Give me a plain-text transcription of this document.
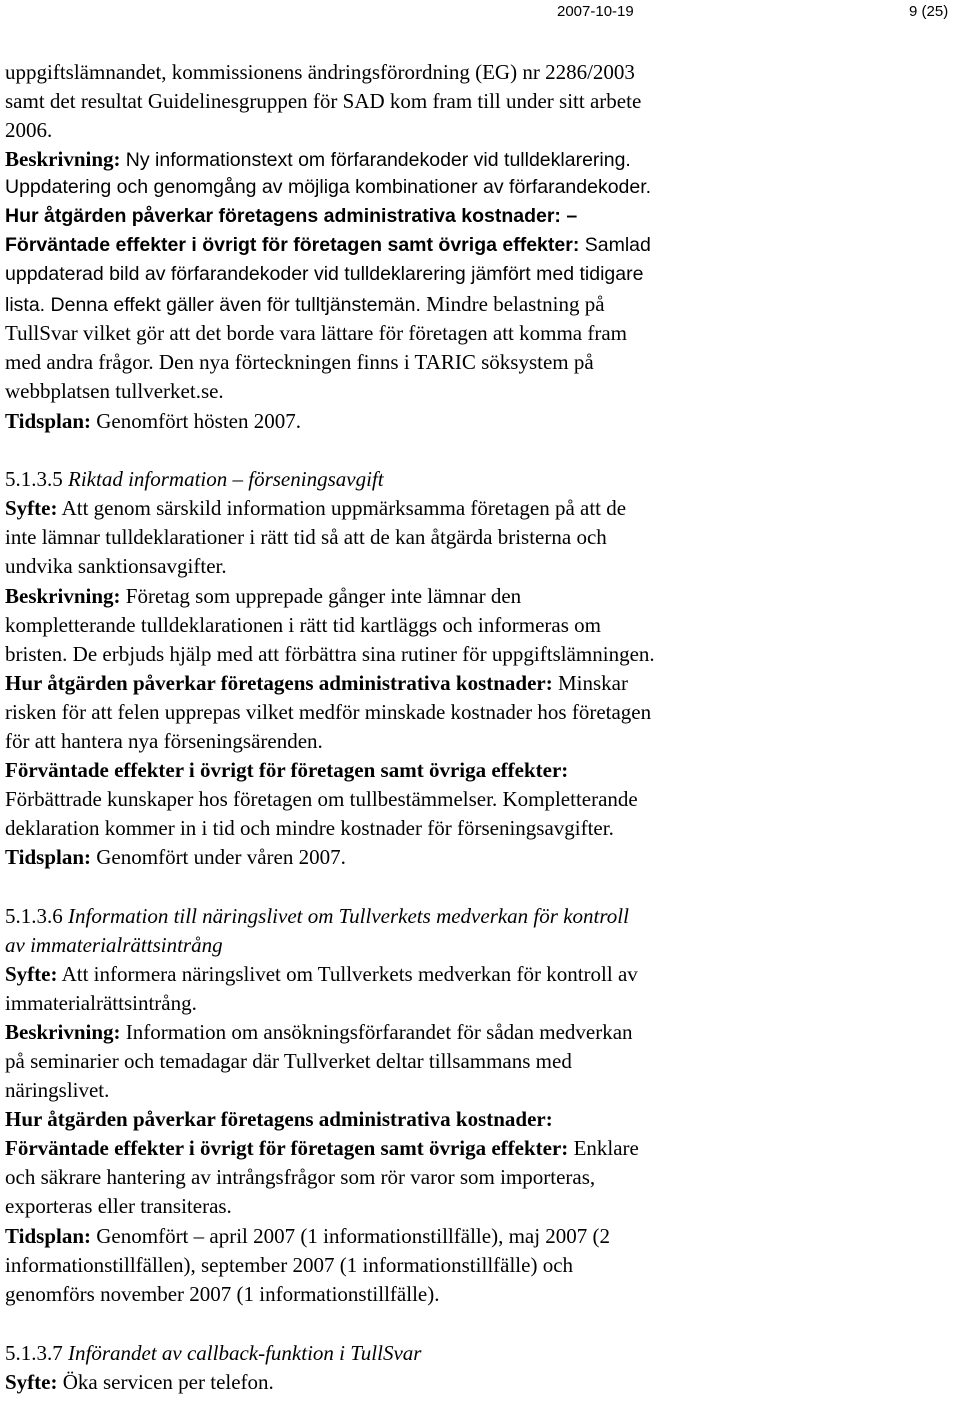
2007-10-19	9 (25)
uppgiftslämnandet, kommissionens ändringsförordning (EG) nr 2286/2003
samt det resultat Guidelinesgruppen för SAD kom fram till under sitt arbete
2006.
Beskrivning: Ny informationstext om förfarandekoder vid tulldeklarering.
Uppdatering och genomgång av möjliga kombinationer av förfarandekoder.
Hur åtgärden påverkar företagens administrativa kostnader: –
Förväntade effekter i övrigt för företagen samt övriga effekter: Samlad
uppdaterad bild av förfarandekoder vid tulldeklarering jämfört med tidigare
lista. Denna effekt gäller även för tulltjänstemän. Mindre belastning på
TullSvar vilket gör att det borde vara lättare för företagen att komma fram
med andra frågor. Den nya förteckningen finns i TARIC söksystem på
webbplatsen tullverket.se.
Tidsplan: Genomfört hösten 2007.
5.1.3.5 Riktad information – förseningsavgift
Syfte: Att genom särskild information uppmärksamma företagen på att de
inte lämnar tulldeklarationer i rätt tid så att de kan åtgärda bristerna och
undvika sanktionsavgifter.
Beskrivning: Företag som upprepade gånger inte lämnar den
kompletterande tulldeklarationen i rätt tid kartläggs och informeras om
bristen. De erbjuds hjälp med att förbättra sina rutiner för uppgiftslämningen.
Hur åtgärden påverkar företagens administrativa kostnader: Minskar
risken för att felen upprepas vilket medför minskade kostnader hos företagen
för att hantera nya förseningsärenden.
Förväntade effekter i övrigt för företagen samt övriga effekter:
Förbättrade kunskaper hos företagen om tullbestämmelser. Kompletterande
deklaration kommer in i tid och mindre kostnader för förseningsavgifter.
Tidsplan: Genomfört under våren 2007.
5.1.3.6 Information till näringslivet om Tullverkets medverkan för kontroll
av immaterialrättsintrång
Syfte: Att informera näringslivet om Tullverkets medverkan för kontroll av
immaterialrättsintrång.
Beskrivning: Information om ansökningsförfarandet för sådan medverkan
på seminarier och temadagar där Tullverket deltar tillsammans med
näringslivet.
Hur åtgärden påverkar företagens administrativa kostnader:
Förväntade effekter i övrigt för företagen samt övriga effekter: Enklare
och säkrare hantering av intrångsfrågor som rör varor som importeras,
exporteras eller transiteras.
Tidsplan: Genomfört – april 2007 (1 informationstillfälle), maj 2007 (2
informationstillfällen), september 2007 (1 informationstillfälle) och
genomförs november 2007 (1 informationstillfälle).
5.1.3.7 Införandet av callback-funktion i TullSvar
Syfte: Öka servicen per telefon.
